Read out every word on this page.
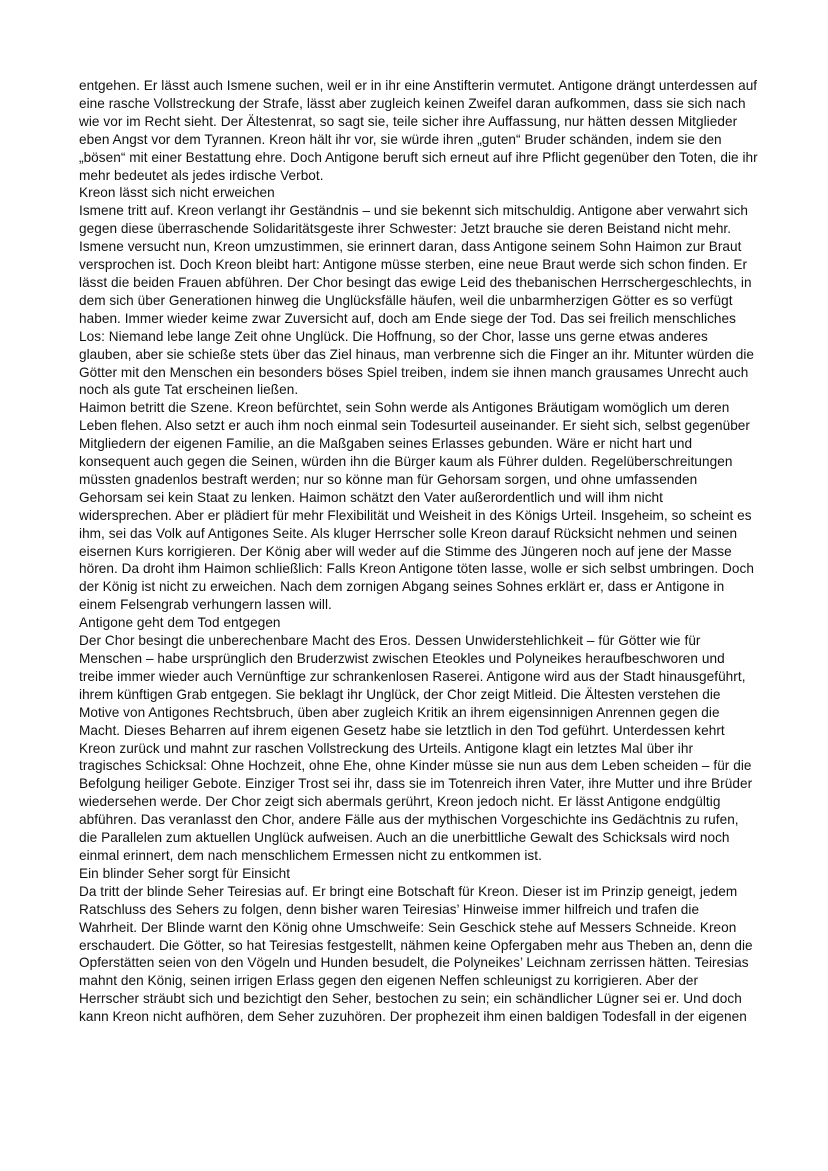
entgehen. Er lässt auch Ismene suchen, weil er in ihr eine Anstifterin vermutet. Antigone drängt unterdessen auf eine rasche Vollstreckung der Strafe, lässt aber zugleich keinen Zweifel daran aufkommen, dass sie sich nach wie vor im Recht sieht. Der Ältestenrat, so sagt sie, teile sicher ihre Auffassung, nur hätten dessen Mitglieder eben Angst vor dem Tyrannen. Kreon hält ihr vor, sie würde ihren „guten“ Bruder schänden, indem sie den „bösen“ mit einer Bestattung ehre. Doch Antigone beruft sich erneut auf ihre Pflicht gegenüber den Toten, die ihr mehr bedeutet als jedes irdische Verbot.

Kreon lässt sich nicht erweichen

Ismene tritt auf. Kreon verlangt ihr Geständnis – und sie bekennt sich mitschuldig. Antigone aber verwahrt sich gegen diese überraschende Solidaritätsgeste ihrer Schwester: Jetzt brauche sie deren Beistand nicht mehr. Ismene versucht nun, Kreon umzustimmen, sie erinnert daran, dass Antigone seinem Sohn Haimon zur Braut versprochen ist. Doch Kreon bleibt hart: Antigone müsse sterben, eine neue Braut werde sich schon finden. Er lässt die beiden Frauen abführen. Der Chor besingt das ewige Leid des thebanischen Herrschergeschlechts, in dem sich über Generationen hinweg die Unglücksfälle häufen, weil die unbarmherzigen Götter es so verfügt haben. Immer wieder keime zwar Zuversicht auf, doch am Ende siege der Tod. Das sei freilich menschliches Los: Niemand lebe lange Zeit ohne Unglück. Die Hoffnung, so der Chor, lasse uns gerne etwas anderes glauben, aber sie schieße stets über das Ziel hinaus, man verbrenne sich die Finger an ihr. Mitunter würden die Götter mit den Menschen ein besonders böses Spiel treiben, indem sie ihnen manch grausames Unrecht auch noch als gute Tat erscheinen ließen.

Haimon betritt die Szene. Kreon befürchtet, sein Sohn werde als Antigones Bräutigam womöglich um deren Leben flehen. Also setzt er auch ihm noch einmal sein Todesurteil auseinander. Er sieht sich, selbst gegenüber Mitgliedern der eigenen Familie, an die Maßgaben seines Erlasses gebunden. Wäre er nicht hart und konsequent auch gegen die Seinen, würden ihn die Bürger kaum als Führer dulden. Regelüberschreitungen müssten gnadenlos bestraft werden; nur so könne man für Gehorsam sorgen, und ohne umfassenden Gehorsam sei kein Staat zu lenken. Haimon schätzt den Vater außerordentlich und will ihm nicht widersprechen. Aber er plädiert für mehr Flexibilität und Weisheit in des Königs Urteil. Insgeheim, so scheint es ihm, sei das Volk auf Antigones Seite. Als kluger Herrscher solle Kreon darauf Rücksicht nehmen und seinen eisernen Kurs korrigieren. Der König aber will weder auf die Stimme des Jüngeren noch auf jene der Masse hören. Da droht ihm Haimon schließlich: Falls Kreon Antigone töten lasse, wolle er sich selbst umbringen. Doch der König ist nicht zu erweichen. Nach dem zornigen Abgang seines Sohnes erklärt er, dass er Antigone in einem Felsengrab verhungern lassen will.

Antigone geht dem Tod entgegen

Der Chor besingt die unberechenbare Macht des Eros. Dessen Unwiderstehlichkeit – für Götter wie für Menschen – habe ursprünglich den Bruderzwist zwischen Eteokles und Polyneikes heraufbeschworen und treibe immer wieder auch Vernünftige zur schrankenlosen Raserei. Antigone wird aus der Stadt hinausgeführt, ihrem künftigen Grab entgegen. Sie beklagt ihr Unglück, der Chor zeigt Mitleid. Die Ältesten verstehen die Motive von Antigones Rechtsbruch, üben aber zugleich Kritik an ihrem eigensinnigen Anrennen gegen die Macht. Dieses Beharren auf ihrem eigenen Gesetz habe sie letztlich in den Tod geführt. Unterdessen kehrt Kreon zurück und mahnt zur raschen Vollstreckung des Urteils. Antigone klagt ein letztes Mal über ihr tragisches Schicksal: Ohne Hochzeit, ohne Ehe, ohne Kinder müsse sie nun aus dem Leben scheiden – für die Befolgung heiliger Gebote. Einziger Trost sei ihr, dass sie im Totenreich ihren Vater, ihre Mutter und ihre Brüder wiedersehen werde. Der Chor zeigt sich abermals gerührt, Kreon jedoch nicht. Er lässt Antigone endgültig abführen. Das veranlasst den Chor, andere Fälle aus der mythischen Vorgeschichte ins Gedächtnis zu rufen, die Parallelen zum aktuellen Unglück aufweisen. Auch an die unerbittliche Gewalt des Schicksals wird noch einmal erinnert, dem nach menschlichem Ermessen nicht zu entkommen ist.

Ein blinder Seher sorgt für Einsicht

Da tritt der blinde Seher Teiresias auf. Er bringt eine Botschaft für Kreon. Dieser ist im Prinzip geneigt, jedem Ratschluss des Sehers zu folgen, denn bisher waren Teiresias’ Hinweise immer hilfreich und trafen die Wahrheit. Der Blinde warnt den König ohne Umschweife: Sein Geschick stehe auf Messers Schneide. Kreon erschaudert. Die Götter, so hat Teiresias festgestellt, nähmen keine Opfergaben mehr aus Theben an, denn die Opferstätten seien von den Vögeln und Hunden besudelt, die Polyneikes’ Leichnam zerrissen hätten. Teiresias mahnt den König, seinen irrigen Erlass gegen den eigenen Neffen schleunigst zu korrigieren. Aber der Herrscher sträubt sich und bezichtigt den Seher, bestochen zu sein; ein schändlicher Lügner sei er. Und doch kann Kreon nicht aufhören, dem Seher zuzuhören. Der prophezeit ihm einen baldigen Todesfall in der eigenen
